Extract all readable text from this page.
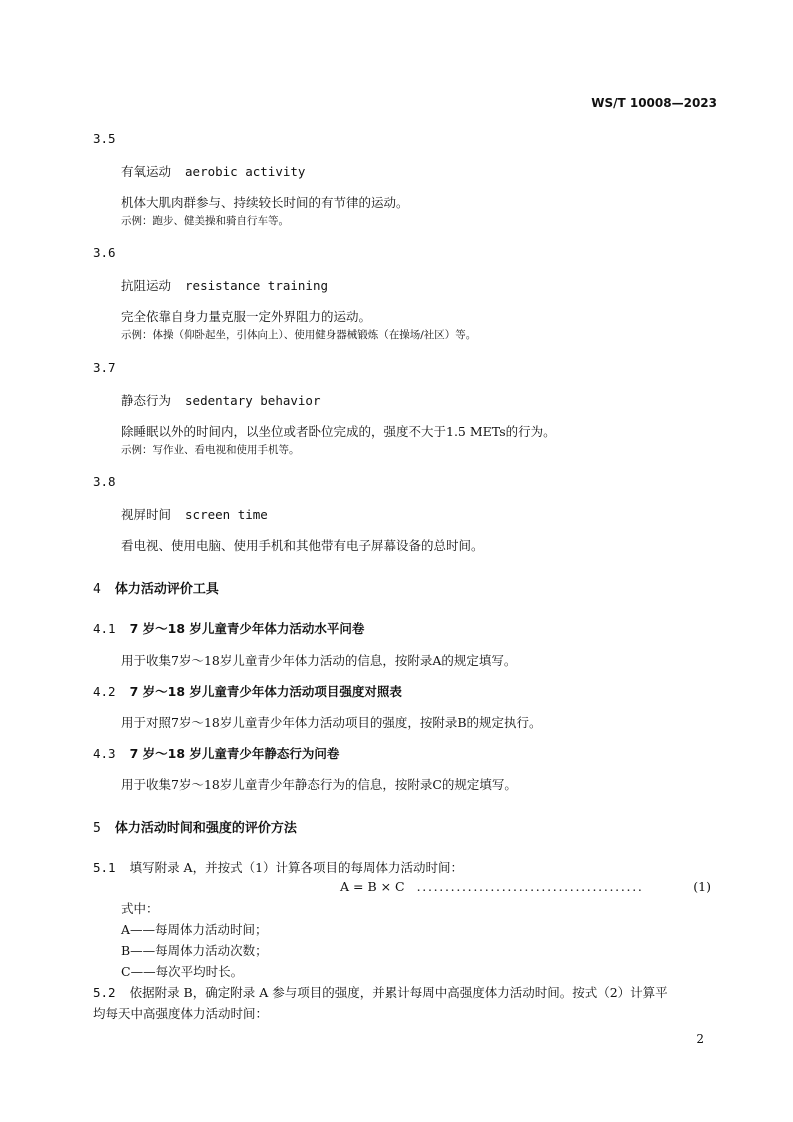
WS/T 10008—2023
3.5
有氧运动 aerobic activity
机体大肌肉群参与、持续较长时间的有节律的运动。
示例：跑步、健美操和骑自行车等。
3.6
抗阻运动 resistance training
完全依靠自身力量克服一定外界阻力的运动。
示例：体操（仰卧起坐，引体向上）、使用健身器械锻炼（在操场/社区）等。
3.7
静态行为 sedentary behavior
除睡眠以外的时间内，以坐位或者卧位完成的，强度不大于1.5 METs的行为。
示例：写作业、看电视和使用手机等。
3.8
视屏时间 screen time
看电视、使用电脑、使用手机和其他带有电子屏幕设备的总时间。
4 体力活动评价工具
4.1 7 岁～18 岁儿童青少年体力活动水平问卷
用于收集7岁～18岁儿童青少年体力活动的信息，按附录A的规定填写。
4.2 7 岁～18 岁儿童青少年体力活动项目强度对照表
用于对照7岁～18岁儿童青少年体力活动项目的强度，按附录B的规定执行。
4.3 7 岁～18 岁儿童青少年静态行为问卷
用于收集7岁～18岁儿童青少年静态行为的信息，按附录C的规定填写。
5 体力活动时间和强度的评价方法
5.1 填写附录 A，并按式（1）计算各项目的每周体力活动时间：
A = B × C ........................................	(1)
式中：
A——每周体力活动时间；
B——每周体力活动次数；
C——每次平均时长。
5.2 依据附录 B，确定附录 A 参与项目的强度，并累计每周中高强度体力活动时间。按式（2）计算平
均每天中高强度体力活动时间：
2
